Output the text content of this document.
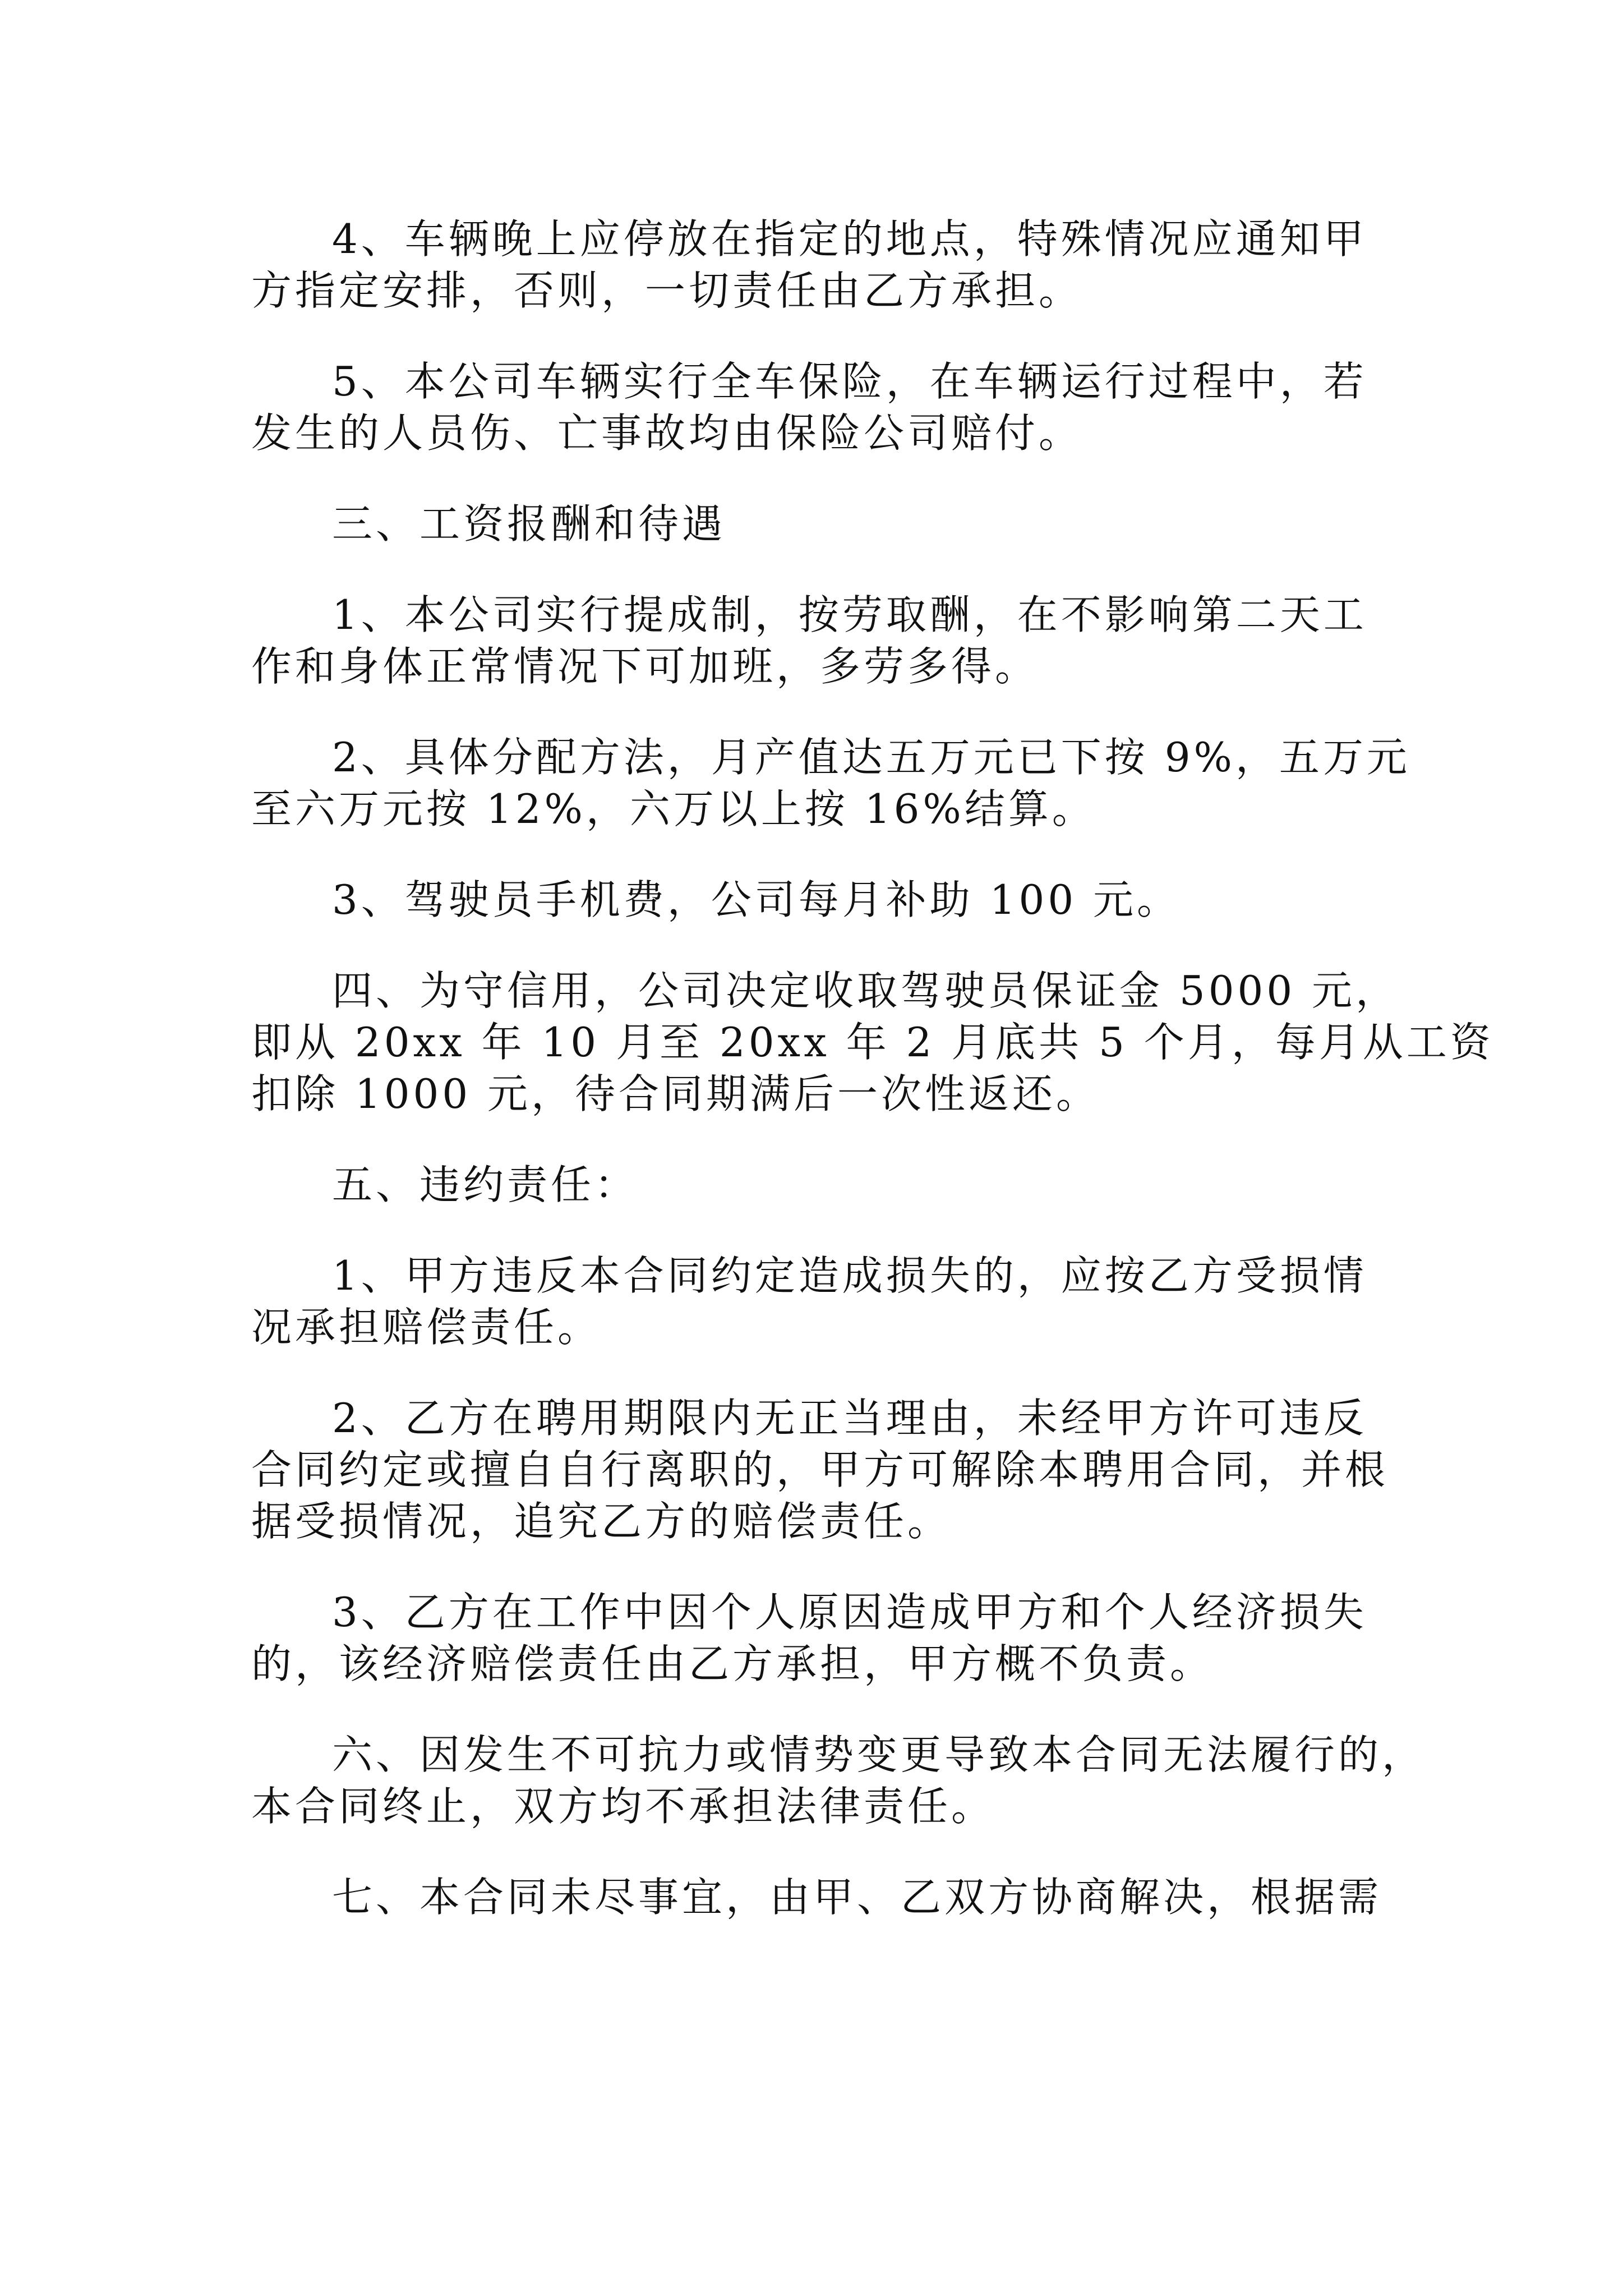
4、车辆晚上应停放在指定的地点，特殊情况应通知甲
方指定安排，否则，一切责任由乙方承担。
5、本公司车辆实行全车保险，在车辆运行过程中，若
发生的人员伤、亡事故均由保险公司赔付。
三、工资报酬和待遇
1、本公司实行提成制，按劳取酬，在不影响第二天工
作和身体正常情况下可加班，多劳多得。
2、具体分配方法，月产值达五万元已下按 9%，五万元
至六万元按 12%，六万以上按 16%结算。
3、驾驶员手机费，公司每月补助 100 元。
四、为守信用，公司决定收取驾驶员保证金 5000 元，
即从 20xx 年 10 月至 20xx 年 2 月底共 5 个月，每月从工资
扣除 1000 元，待合同期满后一次性返还。
五、违约责任：
1、甲方违反本合同约定造成损失的，应按乙方受损情
况承担赔偿责任。
2、乙方在聘用期限内无正当理由，未经甲方许可违反
合同约定或擅自自行离职的，甲方可解除本聘用合同，并根
据受损情况，追究乙方的赔偿责任。
3、乙方在工作中因个人原因造成甲方和个人经济损失
的，该经济赔偿责任由乙方承担，甲方概不负责。
六、因发生不可抗力或情势变更导致本合同无法履行的，
本合同终止，双方均不承担法律责任。
七、本合同未尽事宜，由甲、乙双方协商解决，根据需
